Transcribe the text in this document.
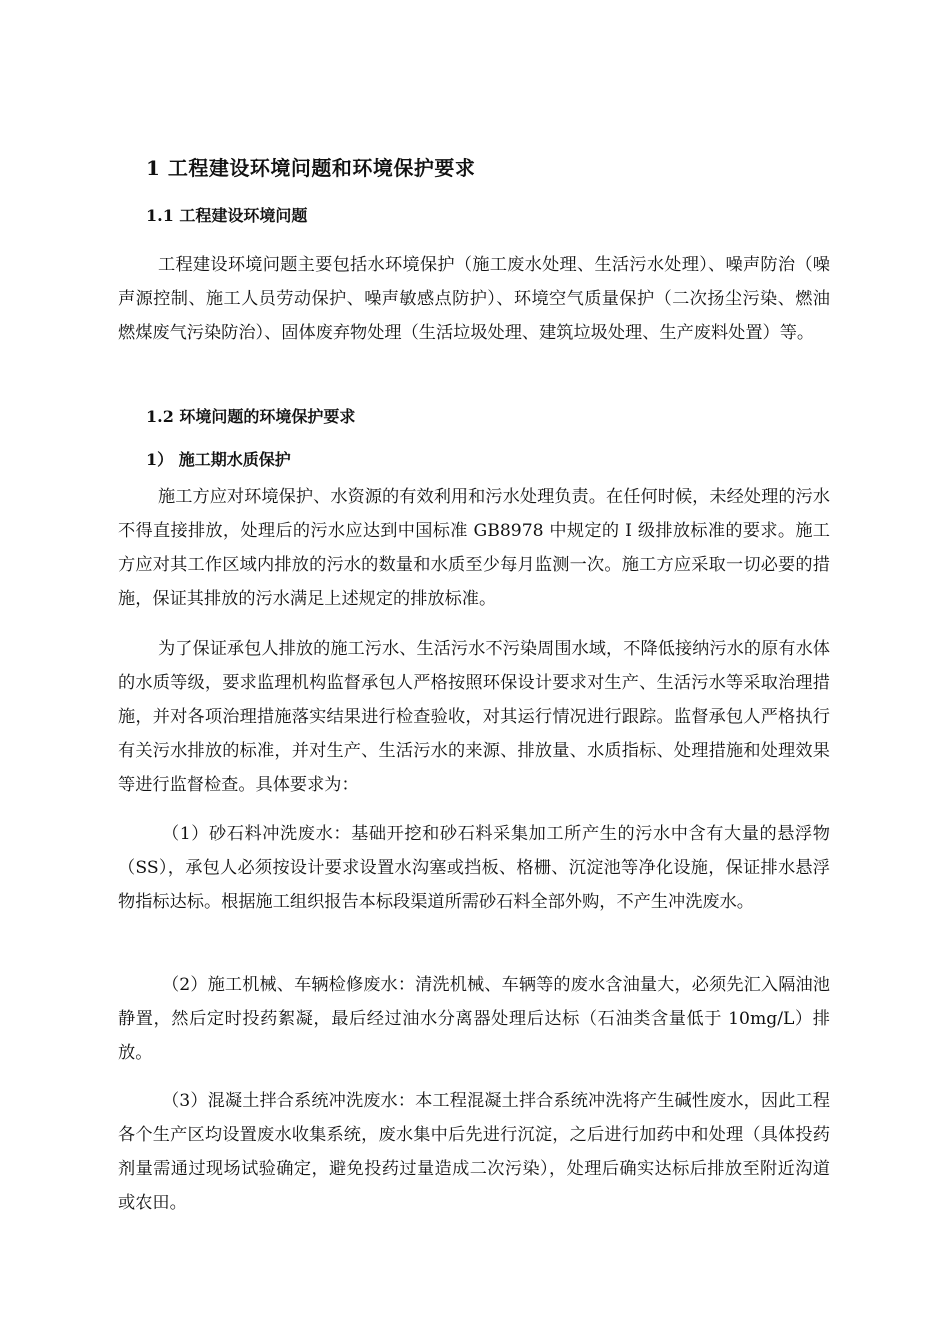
1 工程建设环境问题和环境保护要求
1.1 工程建设环境问题
工程建设环境问题主要包括水环境保护（施工废水处理、生活污水处理）、噪声防治（噪声源控制、施工人员劳动保护、噪声敏感点防护）、环境空气质量保护（二次扬尘污染、燃油燃煤废气污染防治）、固体废弃物处理（生活垃圾处理、建筑垃圾处理、生产废料处置）等。
1.2 环境问题的环境保护要求
1） 施工期水质保护
施工方应对环境保护、水资源的有效利用和污水处理负责。在任何时候，未经处理的污水不得直接排放，处理后的污水应达到中国标准 GB8978 中规定的 Ⅰ 级排放标准的要求。施工方应对其工作区域内排放的污水的数量和水质至少每月监测一次。施工方应采取一切必要的措施，保证其排放的污水满足上述规定的排放标准。
为了保证承包人排放的施工污水、生活污水不污染周围水域，不降低接纳污水的原有水体的水质等级，要求监理机构监督承包人严格按照环保设计要求对生产、生活污水等采取治理措施，并对各项治理措施落实结果进行检查验收，对其运行情况进行跟踪。监督承包人严格执行有关污水排放的标准，并对生产、生活污水的来源、排放量、水质指标、处理措施和处理效果等进行监督检查。具体要求为：
（1）砂石料冲洗废水：基础开挖和砂石料采集加工所产生的污水中含有大量的悬浮物（SS），承包人必须按设计要求设置水沟塞或挡板、格栅、沉淀池等净化设施，保证排水悬浮物指标达标。根据施工组织报告本标段渠道所需砂石料全部外购，不产生冲洗废水。
（2）施工机械、车辆检修废水：清洗机械、车辆等的废水含油量大，必须先汇入隔油池静置，然后定时投药絮凝，最后经过油水分离器处理后达标（石油类含量低于 10mg/L）排放。
（3）混凝土拌合系统冲洗废水：本工程混凝土拌合系统冲洗将产生碱性废水，因此工程各个生产区均设置废水收集系统，废水集中后先进行沉淀，之后进行加药中和处理（具体投药剂量需通过现场试验确定，避免投药过量造成二次污染），处理后确实达标后排放至附近沟道或农田。
